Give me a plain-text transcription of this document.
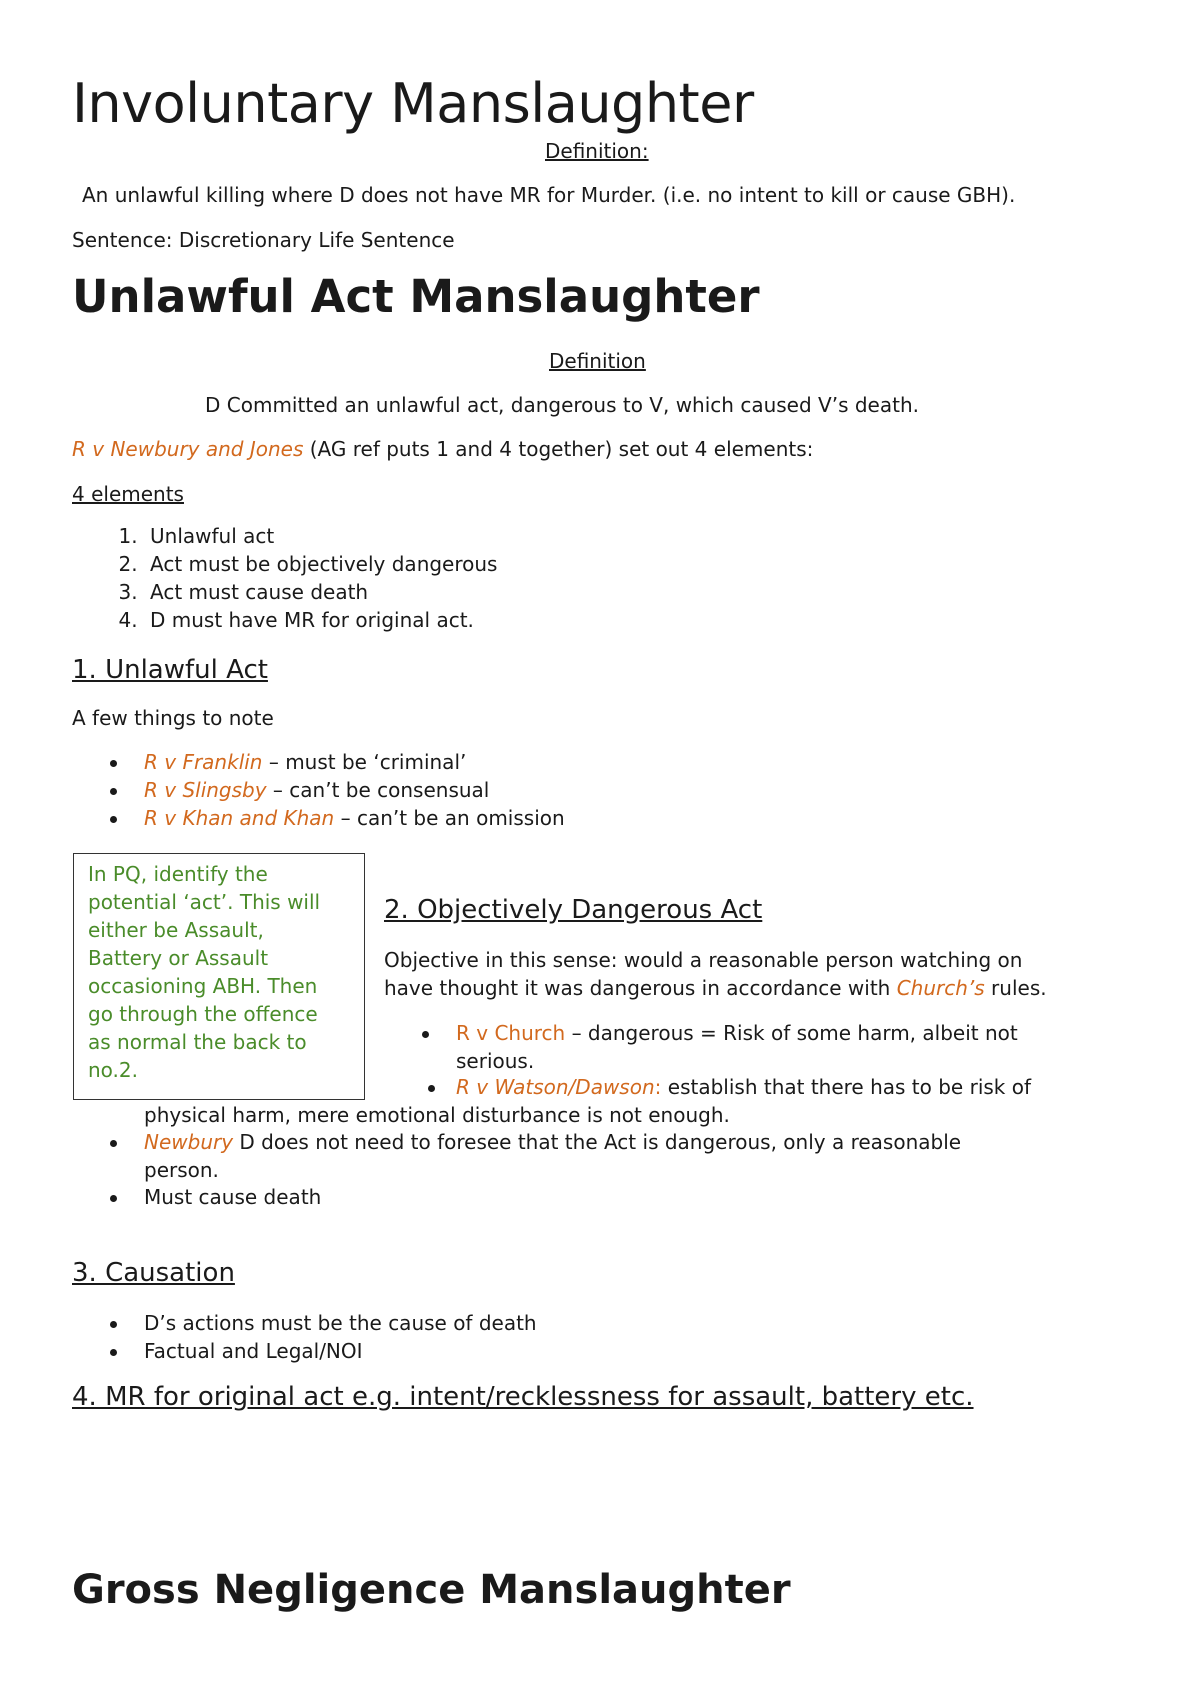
Involuntary Manslaughter
Definition:
An unlawful killing where D does not have MR for Murder. (i.e. no intent to kill or cause GBH).
Sentence: Discretionary Life Sentence
Unlawful Act Manslaughter
Definition
D Committed an unlawful act, dangerous to V, which caused V’s death.
R v Newbury and Jones (AG ref puts 1 and 4 together) set out 4 elements:
4 elements
1. Unlawful act
2. Act must be objectively dangerous
3. Act must cause death
4. D must have MR for original act.
1. Unlawful Act
A few things to note
R v Franklin – must be ‘criminal’
R v Slingsby – can’t be consensual
R v Khan and Khan – can’t be an omission
In PQ, identify the
potential ‘act’. This will
either be Assault,
Battery or Assault
occasioning ABH. Then
go through the offence
as normal the back to
no.2.
2. Objectively Dangerous Act
Objective in this sense: would a reasonable person watching on
have thought it was dangerous in accordance with Church’s rules.
R v Church – dangerous = Risk of some harm, albeit not
serious.
R v Watson/Dawson: establish that there has to be risk of
physical harm, mere emotional disturbance is not enough.
Newbury D does not need to foresee that the Act is dangerous, only a reasonable
person.
Must cause death
3. Causation
D’s actions must be the cause of death
Factual and Legal/NOI
4. MR for original act e.g. intent/recklessness for assault, battery etc.
Gross Negligence Manslaughter
